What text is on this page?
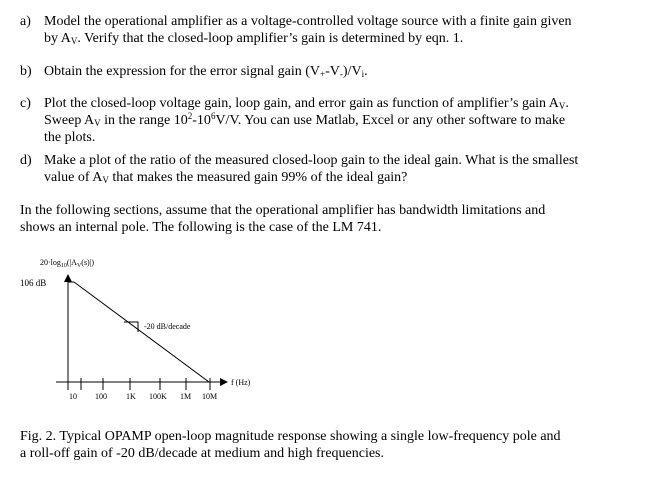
a) Model the operational amplifier as a voltage-controlled voltage source with a finite gain given
by $A_V$. Verify that the closed-loop amplifier’s gain is determined by eqn. 1.
b) Obtain the expression for the error signal gain $(V_+-V_-)/V_i$.
c) Plot the closed-loop voltage gain, loop gain, and error gain as function of amplifier’s gain $A_V$.
Sweep $A_V$ in the range $10^2-10^6V/V$. You can use Matlab, Excel or any other software to make
the plots.
d) Make a plot of the ratio of the measured closed-loop gain to the ideal gain. What is the smallest
value of $A_V$ that makes the measured gain 99% of the ideal gain?
In the following sections, assume that the operational amplifier has bandwidth limitations and
shows an internal pole. The following is the case of the LM 741.
$20\cdot\log_{10}(|A_V(s)|)$
106 dB
f (Hz)
-20 dB/decade
10 100 1K 100K 1M 10M
Fig. 2. Typical OPAMP open-loop magnitude response showing a single low-frequency pole and
a roll-off gain of -20 dB/decade at medium and high frequencies.
